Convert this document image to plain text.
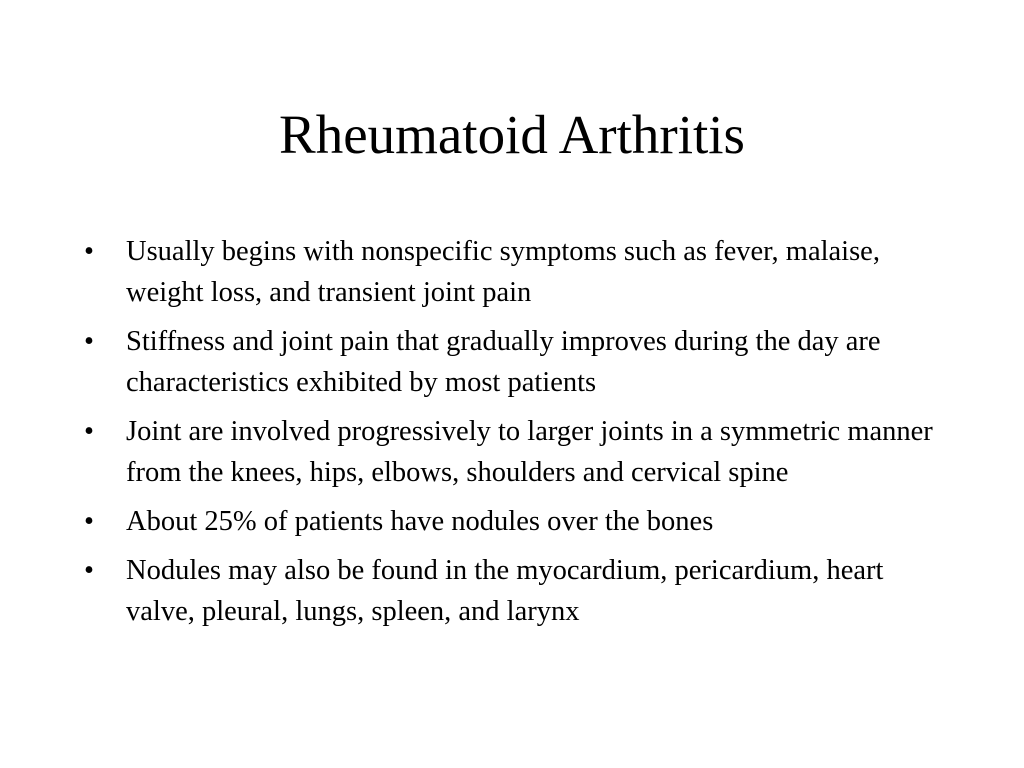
Rheumatoid Arthritis
•	Usually begins with nonspecific symptoms such as fever, malaise, weight loss, and transient joint pain
•	Stiffness and joint pain that gradually improves during the day are characteristics exhibited by most patients
•	Joint are involved progressively to larger joints in a symmetric manner from the knees, hips, elbows, shoulders and cervical spine
•	About 25% of patients have nodules over the bones
•	Nodules may also be found in the myocardium, pericardium, heart valve, pleural, lungs, spleen, and larynx
